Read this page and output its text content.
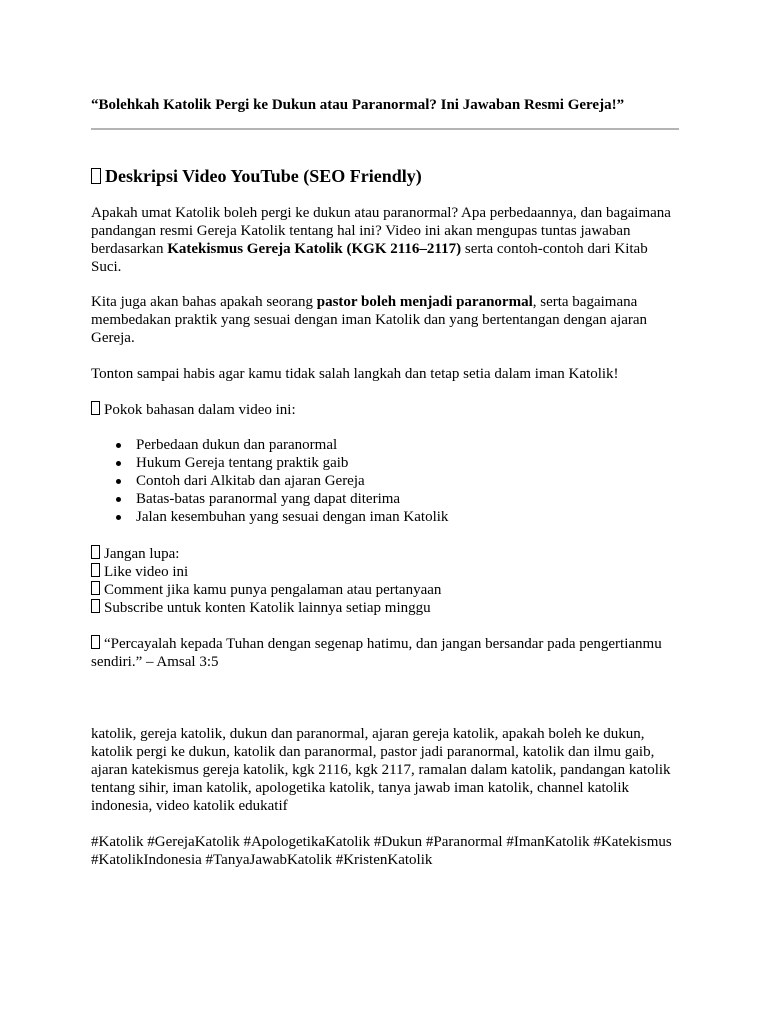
“Bolehkah Katolik Pergi ke Dukun atau Paranormal? Ini Jawaban Resmi Gereja!”
Deskripsi Video YouTube (SEO Friendly)

Apakah umat Katolik boleh pergi ke dukun atau paranormal? Apa perbedaannya, dan bagaimana

pandangan resmi Gereja Katolik tentang hal ini? Video ini akan mengupas tuntas jawaban

berdasarkan Katekismus Gereja Katolik (KGK 2116–2117) serta contoh-contoh dari Kitab

Suci.

Kita juga akan bahas apakah seorang pastor boleh menjadi paranormal, serta bagaimana

membedakan praktik yang sesuai dengan iman Katolik dan yang bertentangan dengan ajaran

Gereja.

Tonton sampai habis agar kamu tidak salah langkah dan tetap setia dalam iman Katolik!
Pokok bahasan dalam video ini:
Perbedaan dukun dan paranormal
Hukum Gereja tentang praktik gaib
Contoh dari Alkitab dan ajaran Gereja
Batas-batas paranormal yang dapat diterima
Jalan kesembuhan yang sesuai dengan iman Katolik

Jangan lupa:

Like video ini

Comment jika kamu punya pengalaman atau pertanyaan

Subscribe untuk konten Katolik lainnya setiap minggu

“Percayalah kepada Tuhan dengan segenap hatimu, dan jangan bersandar pada pengertianmu

sendiri.” – Amsal 3:5

katolik, gereja katolik, dukun dan paranormal, ajaran gereja katolik, apakah boleh ke dukun,

katolik pergi ke dukun, katolik dan paranormal, pastor jadi paranormal, katolik dan ilmu gaib,

ajaran katekismus gereja katolik, kgk 2116, kgk 2117, ramalan dalam katolik, pandangan katolik

tentang sihir, iman katolik, apologetika katolik, tanya jawab iman katolik, channel katolik

indonesia, video katolik edukatif

#Katolik #GerejaKatolik #ApologetikaKatolik #Dukun #Paranormal #ImanKatolik #Katekismus

#KatolikIndonesia #TanyaJawabKatolik #KristenKatolik
